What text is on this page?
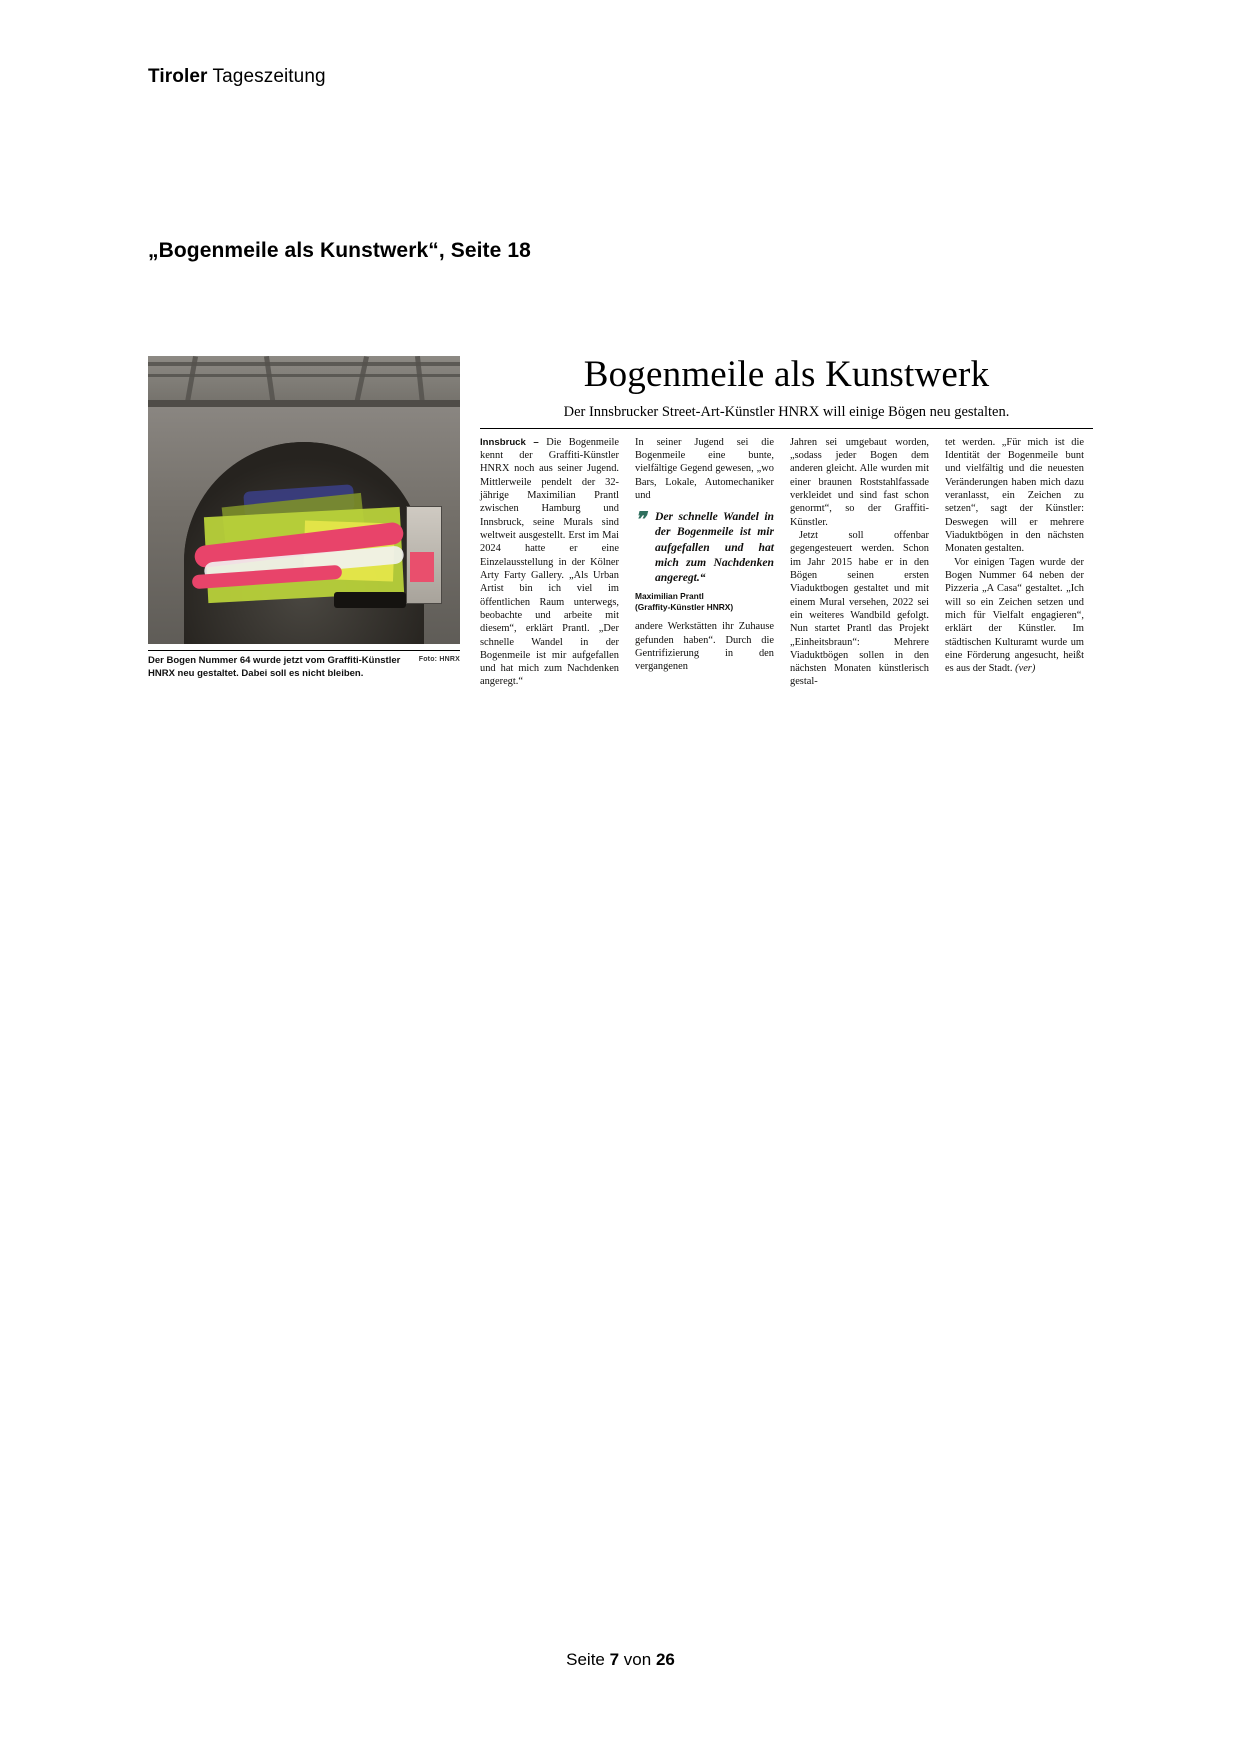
Tiroler Tageszeitung
„Bogenmeile als Kunstwerk“, Seite 18
Foto: HNRX
Der Bogen Nummer 64 wurde jetzt vom Graffiti-Künstler HNRX neu gestaltet. Dabei soll es nicht bleiben.
Bogenmeile als Kunstwerk
Der Innsbrucker Street-Art-Künstler HNRX will einige Bögen neu gestalten.

Innsbruck – Die Bogenmeile kennt der Graffiti-Künstler HNRX noch aus seiner Jugend. Mittlerweile pendelt der 32-jährige Maximilian Prantl zwischen Hamburg und Innsbruck, seine Murals sind weltweit ausgestellt. Erst im Mai 2024 hatte er eine Einzelausstellung in der Kölner Arty Farty Gallery. „Als Urban Artist bin ich viel im öffentlichen Raum unterwegs, beobachte und arbeite mit diesem“, erklärt Prantl. „Der schnelle Wandel in der Bogenmeile ist mir aufgefallen und hat mich zum Nachdenken angeregt.“

In seiner Jugend sei die Bogenmeile eine bunte, vielfältige Gegend gewesen, „wo Bars, Lokale, Automechaniker und

❞ Der schnelle Wandel in der Bogenmeile ist mir aufgefallen und hat mich zum Nachdenken angeregt.“
Maximilian Prantl
(Graffity-Künstler HNRX)

andere Werkstätten ihr Zuhause gefunden haben“. Durch die Gentrifizierung in den vergangenen

Jahren sei umgebaut worden, „sodass jeder Bogen dem anderen gleicht. Alle wurden mit einer braunen Roststahlfassade verkleidet und sind fast schon genormt“, so der Graffiti-Künstler.

Jetzt soll offenbar gegengesteuert werden. Schon im Jahr 2015 habe er in den Bögen seinen ersten Viaduktbogen gestaltet und mit einem Mural versehen, 2022 sei ein weiteres Wandbild gefolgt. Nun startet Prantl das Projekt „Einheitsbraun“: Mehrere Viaduktbögen sollen in den nächsten Monaten künstlerisch gestal-

tet werden. „Für mich ist die Identität der Bogenmeile bunt und vielfältig und die neuesten Veränderungen haben mich dazu veranlasst, ein Zeichen zu setzen“, sagt der Künstler: Deswegen will er mehrere Viaduktbögen in den nächsten Monaten gestalten.

Vor einigen Tagen wurde der Bogen Nummer 64 neben der Pizzeria „A Casa“ gestaltet. „Ich will so ein Zeichen setzen und mich für Vielfalt engagieren“, erklärt der Künstler. Im städtischen Kulturamt wurde um eine Förderung angesucht, heißt es aus der Stadt. (ver)

Seite 7 von 26
